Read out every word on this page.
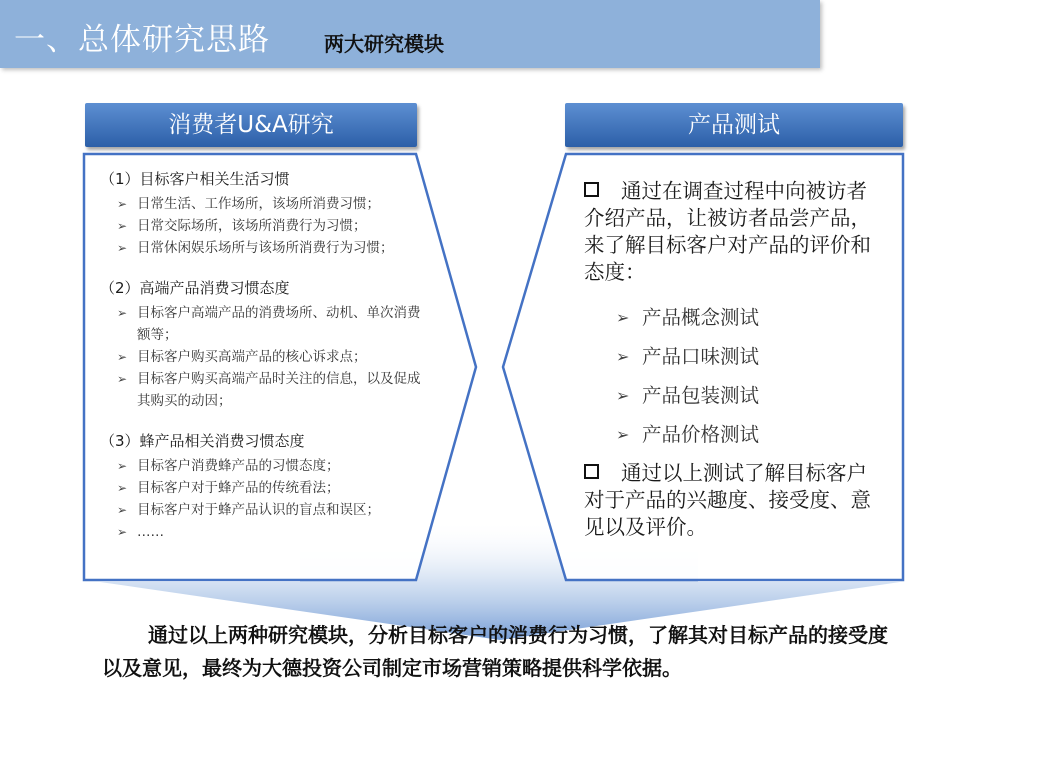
一、总体研究思路	两大研究模块
消费者U&A研究	产品测试
（1）目标客户相关生活习惯
➢ 日常生活、工作场所，该场所消费习惯；
➢ 日常交际场所，该场所消费行为习惯；
➢ 日常休闲娱乐场所与该场所消费行为习惯；
（2）高端产品消费习惯态度
➢ 目标客户高端产品的消费场所、动机、单次消费额等；
➢ 目标客户购买高端产品的核心诉求点；
➢ 目标客户购买高端产品时关注的信息，以及促成其购买的动因；
（3）蜂产品相关消费习惯态度
➢ 目标客户消费蜂产品的习惯态度；
➢ 目标客户对于蜂产品的传统看法；
➢ 目标客户对于蜂产品认识的盲点和误区；
➢ ……
通过在调查过程中向被访者介绍产品，让被访者品尝产品，来了解目标客户对产品的评价和态度：
➢ 产品概念测试
➢ 产品口味测试
➢ 产品包装测试
➢ 产品价格测试
通过以上测试了解目标客户对于产品的兴趣度、接受度、意见以及评价。
通过以上两种研究模块，分析目标客户的消费行为习惯，了解其对目标产品的接受度以及意见，最终为大德投资公司制定市场营销策略提供科学依据。
